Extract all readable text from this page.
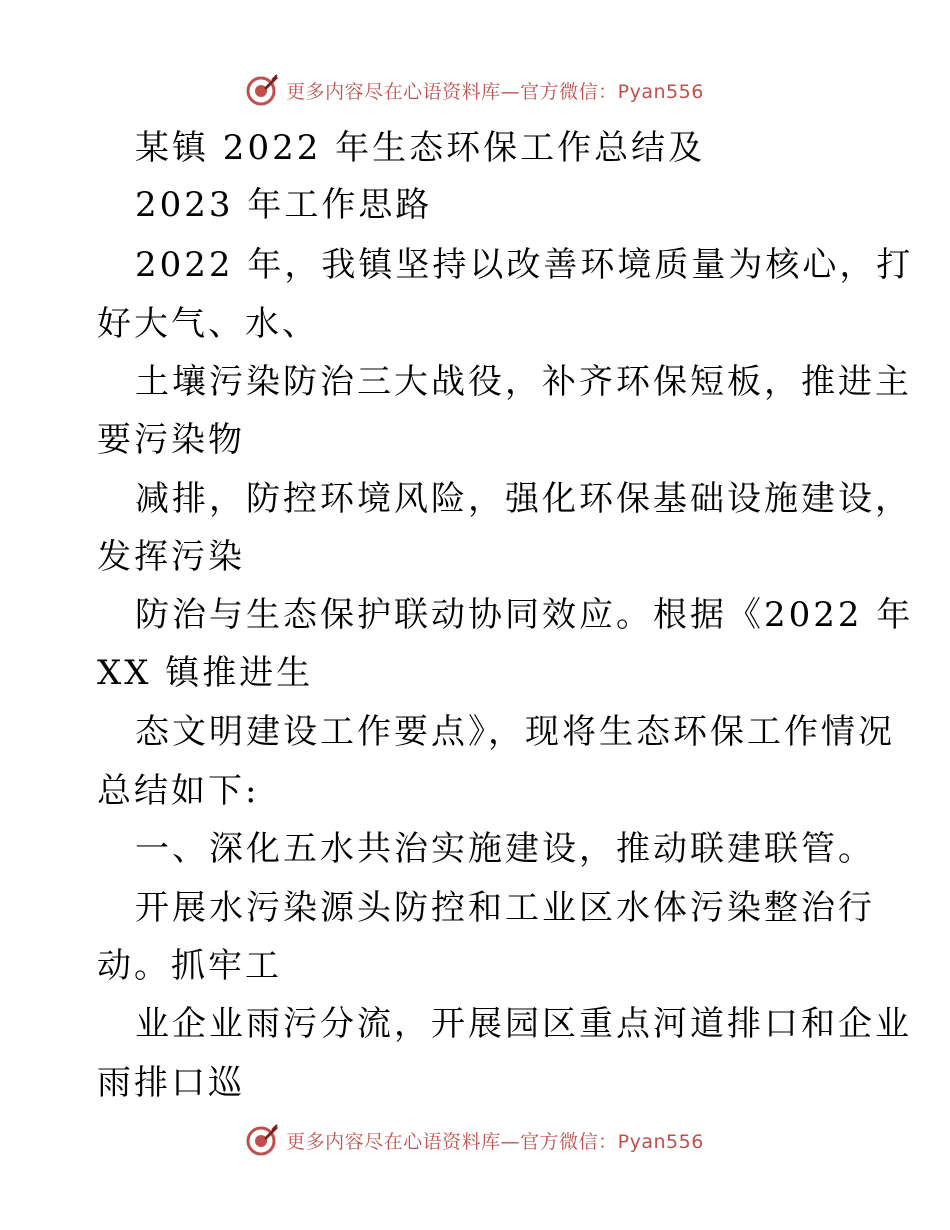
更多内容尽在心语资料库—官方微信：Pyan556
某镇 2022 年生态环保工作总结及
2023 年工作思路
2022 年，我镇坚持以改善环境质量为核心，打
好大气、水、
土壤污染防治三大战役，补齐环保短板，推进主
要污染物
减排，防控环境风险，强化环保基础设施建设，
发挥污染
防治与生态保护联动协同效应。根据《2022 年
XX 镇推进生
态文明建设工作要点》，现将生态环保工作情况
总结如下:
一、深化五水共治实施建设，推动联建联管。
开展水污染源头防控和工业区水体污染整治行
动。抓牢工
业企业雨污分流，开展园区重点河道排口和企业
雨排口巡
更多内容尽在心语资料库—官方微信：Pyan556
